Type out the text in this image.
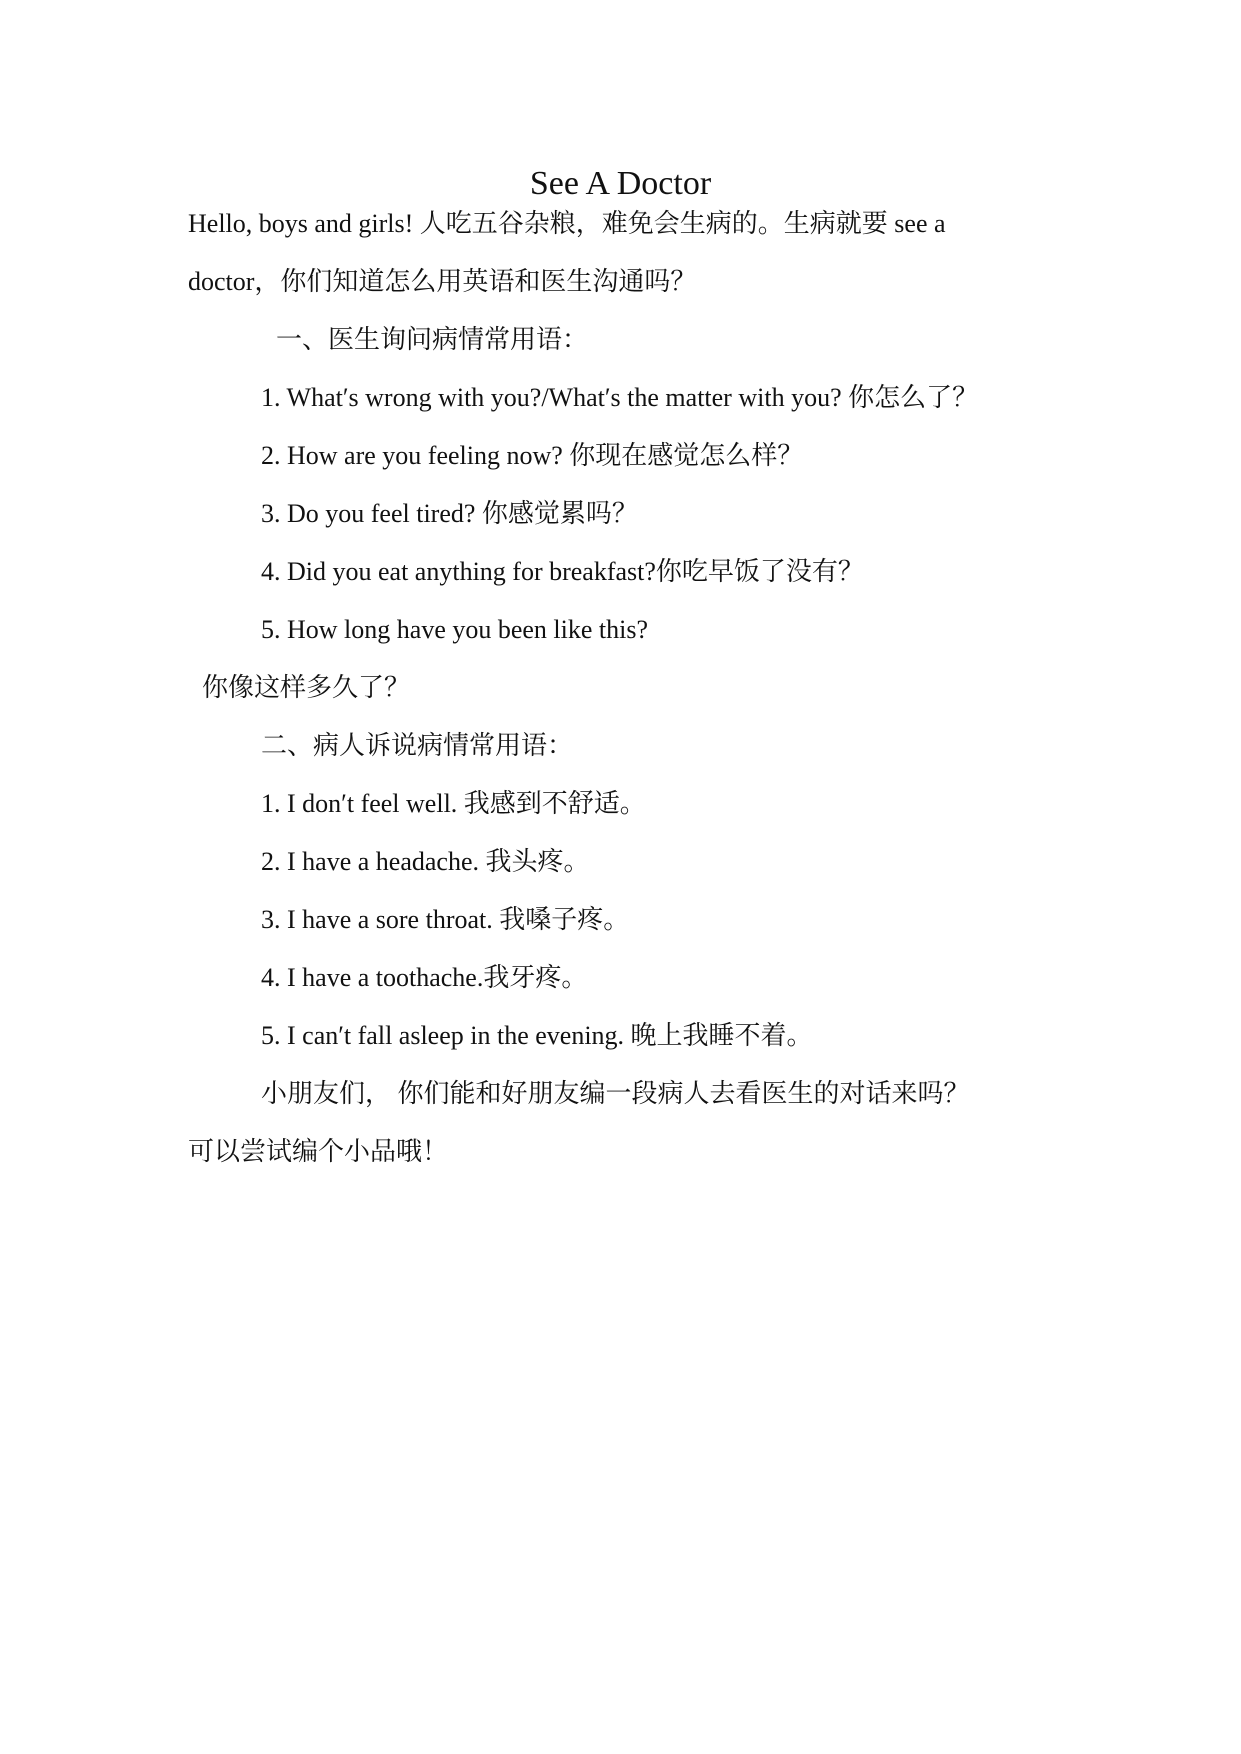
See A Doctor
Hello, boys and girls! 人吃五谷杂粮，难免会生病的。生病就要 see a
doctor，你们知道怎么用英语和医生沟通吗？
一、医生询问病情常用语：
1. What′s wrong with you?/What′s the matter with you? 你怎么了？
2. How are you feeling now? 你现在感觉怎么样？
3. Do you feel tired? 你感觉累吗？
4. Did you eat anything for breakfast?你吃早饭了没有？
5. How long have you been like this?
你像这样多久了？
二、病人诉说病情常用语：
1. I don′t feel well. 我感到不舒适。
2. I have a headache. 我头疼。
3. I have a sore throat. 我嗓子疼。
4. I have a toothache.我牙疼。
5. I can′t fall asleep in the evening. 晚上我睡不着。
小朋友们， 你们能和好朋友编一段病人去看医生的对话来吗？
可以尝试编个小品哦！
